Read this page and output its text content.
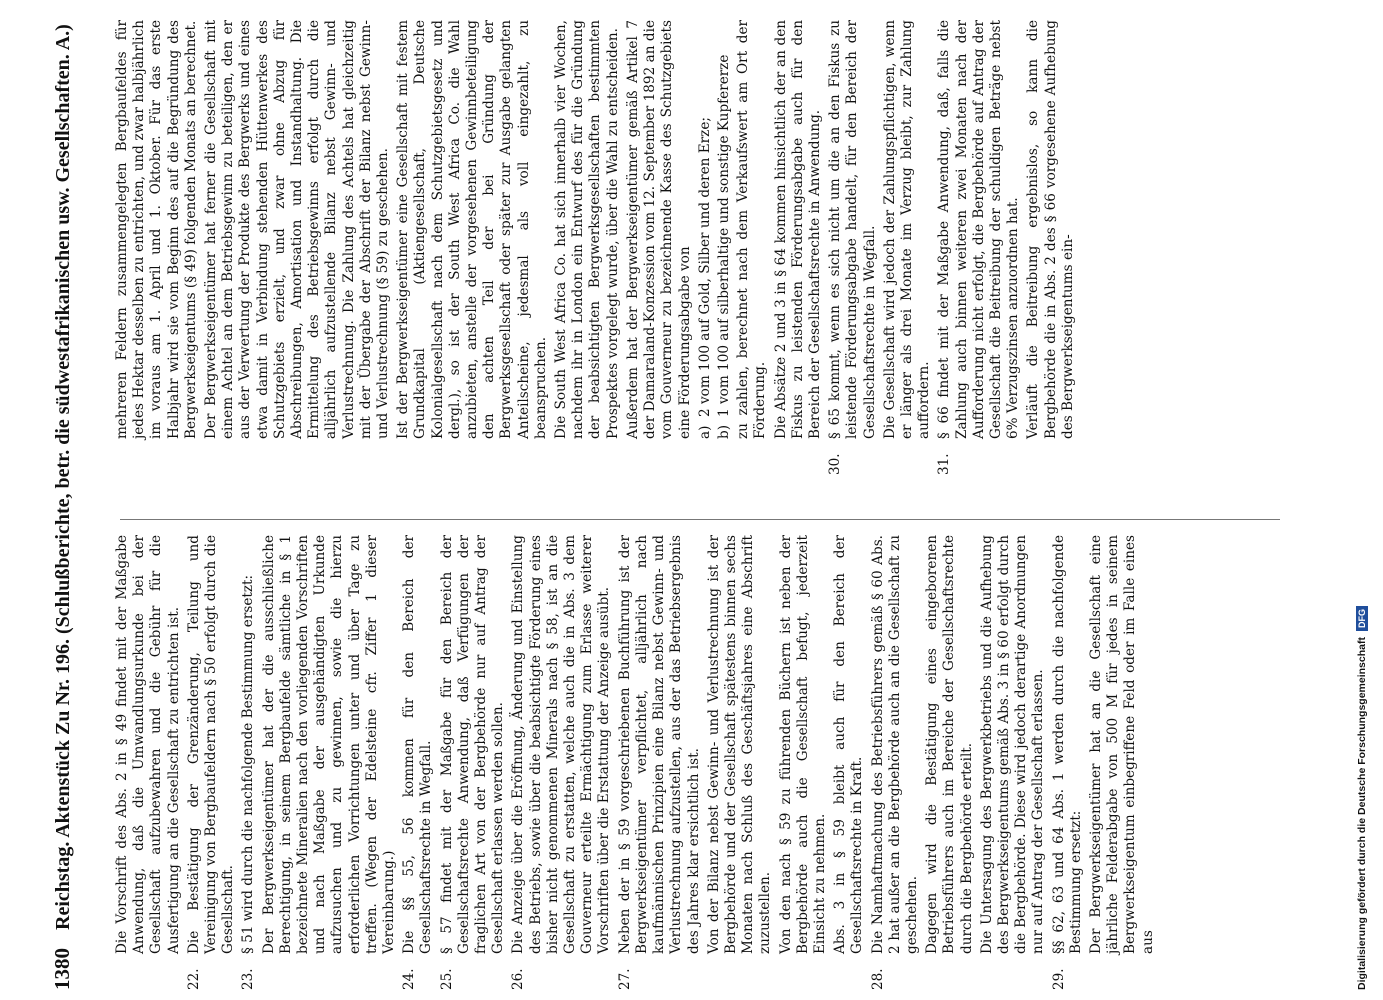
1380
Reichstag. Aktenstück Zu Nr. 196. (Schlußberichte, betr. die südwestafrikanischen usw. Gesellschaften. A.)	Die Vorschrift des Abs. 2 in § 49 findet mit der Maßgabe Anwendung, daß die Umwandlungsurkunde bei der Gesellschaft aufzubewahren und die Gebühr für die Ausfertigung an die Gesellschaft zu entrichten ist.
22.
Die Bestätigung der Grenzänderung, Teilung und Vereinigung von Bergbaufeldern nach § 50 erfolgt durch die Gesellschaft.
23.
§ 51 wird durch die nachfolgende Bestimmung ersetzt: Der Bergwerkseigentümer hat der die ausschließliche Berechtigung, in seinem Bergbaufelde sämtliche in § 1 bezeichnete Mineralien nach den vorliegenden Vorschriften und nach Maßgabe der ausgehändigten Urkunde aufzusuchen und zu gewinnen, sowie die hierzu erforderlichen Vorrichtungen unter und über Tage zu treffen. (Wegen der Edelsteine cfr. Ziffer 1 dieser Vereinbarung.)
24.
Die §§ 55, 56 kommen für den Bereich der Gesellschaftsrechte in Wegfall.
25.
§ 57 findet mit der Maßgabe für den Bereich der Gesellschaftsrechte Anwendung, daß Verfügungen der fraglichen Art von der Bergbehörde nur auf Antrag der Gesellschaft erlassen werden sollen.
26.
Die Anzeige über die Eröffnung, Änderung und Einstellung des Betriebs, sowie über die beabsichtigte Förderung eines bisher nicht genommenen Minerals nach § 58, ist an die Gesellschaft zu erstatten, welche auch die in Abs. 3 dem Gouverneur erteilte Ermächtigung zum Erlasse weiterer Vorschriften über die Erstattung der Anzeige ausübt.
27.
Neben der in § 59 vorgeschriebenen Buchführung ist der Bergwerkseigentümer verpflichtet, alljährlich nach kaufmännischen Prinzipien eine Bilanz nebst Gewinn- und Verlustrechnung aufzustellen, aus der das Betriebsergebnis des Jahres klar ersichtlich ist. Von der Bilanz nebst Gewinn- und Verlustrechnung ist der Bergbehörde und der Gesellschaft spätestens binnen sechs Monaten nach Schluß des Geschäftsjahres eine Abschrift zuzustellen. Von den nach § 59 zu führenden Büchern ist neben der Bergbehörde auch die Gesellschaft befugt, jederzeit Einsicht zu nehmen. Abs. 3 in § 59 bleibt auch für den Bereich der Gesellschaftsrechte in Kraft.
28.
Die Namhaftmachung des Betriebsführers gemäß § 60 Abs. 2 hat außer an die Bergbehörde auch an die Gesellschaft zu geschehen. Dagegen wird die Bestätigung eines eingeborenen Betriebsführers auch im Bereiche der Gesellschaftsrechte durch die Bergbehörde erteilt. Die Untersagung des Bergwerkbetriebs und die Aufhebung des Bergwerkseigentums gemäß Abs. 3 in § 60 erfolgt durch die Bergbehörde. Diese wird jedoch derartige Anordnungen nur auf Antrag der Gesellschaft erlassen.
29.
§§ 62, 63 und 64 Abs. 1 werden durch die nachfolgende Bestimmung ersetzt: Der Bergwerkseigentümer hat an die Gesellschaft eine jährliche Felderabgabe von 500 M für jedes in seinem Bergwerkseigentum einbegriffene Feld oder im Falle eines aus
mehreren Feldern zusammengelegten Bergbaufeldes für jedes Hektar desselben zu entrichten, und zwar halbjährlich im voraus am 1. April und 1. Oktober. Für das erste Halbjahr wird sie vom Beginn des auf die Begründung des Bergwerkseigentums (§ 49) folgenden Monats an berechnet. Der Bergwerkseigentümer hat ferner die Gesellschaft mit einem Achtel an dem Betriebsgewinn zu beteiligen, den er aus der Verwertung der Produkte des Bergwerks und eines etwa damit in Verbindung stehenden Hüttenwerkes des Schutzgebiets erzielt, und zwar ohne Abzug für Abschreibungen, Amortisation und Instandhaltung. Die Ermittelung des Betriebsgewinns erfolgt durch die alljährlich aufzustellende Bilanz nebst Gewinn- und Verlustrechnung. Die Zahlung des Achtels hat gleichzeitig mit der Übergabe der Abschrift der Bilanz nebst Gewinn- und Verlustrechnung (§ 59) zu geschehen. Ist der Bergwerkseigentümer eine Gesellschaft mit festem Grundkapital (Aktiengesellschaft, Deutsche Kolonialgesellschaft nach dem Schutzgebietsgesetz und dergl.), so ist der South West Africa Co. die Wahl anzubieten, anstelle der vorgesehenen Gewinnbeteiligung den achten Teil der bei Gründung der Bergwerksgesellschaft oder später zur Ausgabe gelangten Anteilscheine, jedesmal als voll eingezahlt, zu beanspruchen. Die South West Africa Co. hat sich innerhalb vier Wochen, nachdem ihr in London ein Entwurf des für die Gründung der beabsichtigten Bergwerksgesellschaften bestimmten Prospektes vorgelegt wurde, über die Wahl zu entscheiden. Außerdem hat der Bergwerkseigentümer gemäß Artikel 7 der Damaraland-Konzession vom 12. September 1892 an die vom Gouverneur zu bezeichnende Kasse des Schutzgebiets eine Förderungsabgabe von a)
2 vom 100 auf Gold, Silber und deren Erze;
b)
1 vom 100 auf silberhaltige und sonstige Kupfererze zu zahlen, berechnet nach dem Verkaufswert am Ort der Förderung. Die Absätze 2 und 3 in § 64 kommen hinsichtlich der an den Fiskus zu leistenden Förderungsabgabe auch für den Bereich der Gesellschaftsrechte in Anwendung.
30.
§ 65 kommt, wenn es sich nicht um die an den Fiskus zu leistende Förderungsabgabe handelt, für den Bereich der Gesellschaftsrechte in Wegfall. Die Gesellschaft wird jedoch der Zahlungspflichtigen, wenn er länger als drei Monate im Verzug bleibt, zur Zahlung auffordern.
31.
§ 66 findet mit der Maßgabe Anwendung, daß, falls die Zahlung auch binnen weiteren zwei Monaten nach der Aufforderung nicht erfolgt, die Bergbehörde auf Antrag der Gesellschaft die Beitreibung der schuldigen Beträge nebst 6% Verzugszinsen anzuordnen hat. Verläuft die Beitreibung ergebnislos, so kann die Bergbehörde die in Abs. 2 des § 66 vorgesehene Aufhebung des Bergwerkseigentums ein-
Digitalisierung gefördert durch die Deutsche Forschungsgemeinschaft
DFG
